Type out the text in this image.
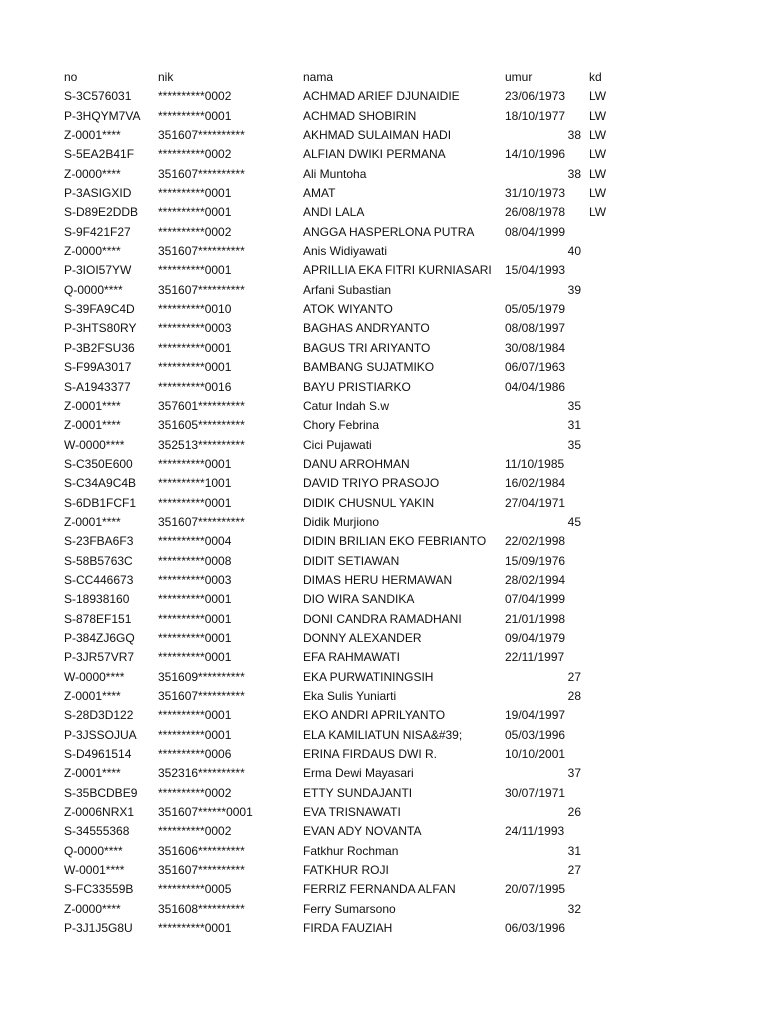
no	nik	nama	umur	kd
S-3C576031 **********0002	ACHMAD ARIEF DJUNAIDIE	23/06/1973	LW
P-3HQYM7VA **********0001	ACHMAD SHOBIRIN	18/10/1977	LW
Z-0001****	351607**********	AKHMAD SULAIMAN HADI	38 LW
S-5EA2B41F **********0002	ALFIAN DWIKI PERMANA	14/10/1996	LW
Z-0000****	351607**********	Ali Muntoha	38 LW
P-3ASIGXID **********0001	AMAT	31/10/1973	LW
S-D89E2DDB **********0001	ANDI LALA	26/08/1978	LW
S-9F421F27 **********0002	ANGGA HASPERLONA PUTRA	08/04/1999
Z-0000****	351607**********	Anis Widiyawati	40
P-3IOI57YW **********0001	APRILLIA EKA FITRI KURNIASARI 15/04/1993
Q-0000****	351607**********	Arfani Subastian	39
S-39FA9C4D **********0010	ATOK WIYANTO	05/05/1979
P-3HTS80RY **********0003	BAGHAS ANDRYANTO	08/08/1997
P-3B2FSU36 **********0001	BAGUS TRI ARIYANTO	30/08/1984
S-F99A3017 **********0001	BAMBANG SUJATMIKO	06/07/1963
S-A1943377 **********0016	BAYU PRISTIARKO	04/04/1986
Z-0001****	357601**********	Catur Indah S.w	35
Z-0001****	351605**********	Chory Febrina	31
W-0000****	352513**********	Cici Pujawati	35
S-C350E600 **********0001	DANU ARROHMAN	11/10/1985
S-C34A9C4B **********1001	DAVID TRIYO PRASOJO	16/02/1984
S-6DB1FCF1 **********0001	DIDIK CHUSNUL YAKIN	27/04/1971
Z-0001****	351607**********	Didik Murjiono	45
S-23FBA6F3 **********0004	DIDIN BRILIAN EKO FEBRIANTO 22/02/1998
S-58B5763C **********0008	DIDIT SETIAWAN	15/09/1976
S-CC446673 **********0003	DIMAS HERU HERMAWAN	28/02/1994
S-18938160 **********0001	DIO WIRA SANDIKA	07/04/1999
S-878EF151 **********0001	DONI CANDRA RAMADHANI	21/01/1998
P-384ZJ6GQ **********0001	DONNY ALEXANDER	09/04/1979
P-3JR57VR7 **********0001	EFA RAHMAWATI	22/11/1997
W-0000****	351609**********	EKA PURWATININGSIH	27
Z-0001****	351607**********	Eka Sulis Yuniarti	28
S-28D3D122 **********0001	EKO ANDRI APRILYANTO	19/04/1997
P-3JSSOJUA **********0001	ELA KAMILIATUN NISA&#39;	05/03/1996
S-D4961514 **********0006	ERINA FIRDAUS DWI R.	10/10/2001
Z-0001****	352316**********	Erma Dewi Mayasari	37
S-35BCDBE9 **********0002	ETTY SUNDAJANTI	30/07/1971
Z-0006NRX1 351607******0001	EVA TRISNAWATI	26
S-34555368 **********0002	EVAN ADY NOVANTA	24/11/1993
Q-0000****	351606**********	Fatkhur Rochman	31
W-0001****	351607**********	FATKHUR ROJI	27
S-FC33559B **********0005	FERRIZ FERNANDA ALFAN	20/07/1995
Z-0000****	351608**********	Ferry Sumarsono	32
P-3J1J5G8U **********0001	FIRDA FAUZIAH	06/03/1996
